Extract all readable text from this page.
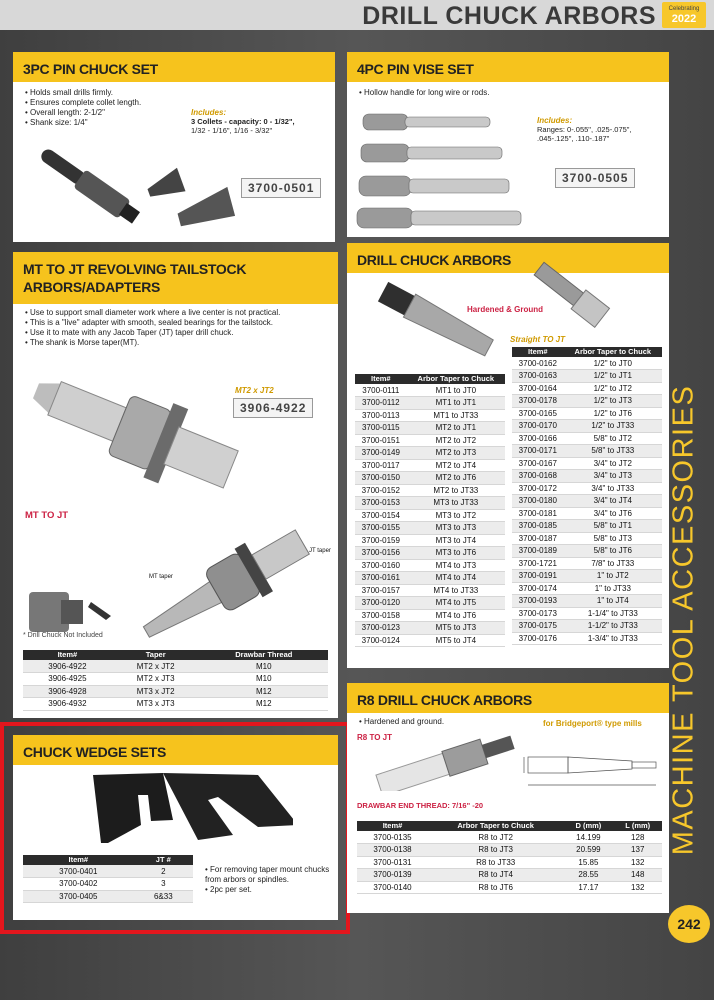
DRILL CHUCK ARBORS	Celebrating
2022
3PC PIN CHUCK SET
• Holds small drills firmly.
• Ensures complete collet length.
• Overall length: 2-1/2"
• Shank size: 1/4"
Includes:
3 Collets - capacity: 0 - 1/32",
1/32 - 1/16", 1/16 - 3/32"
3700-0501
4PC PIN VISE SET
• Hollow handle for long wire or rods.
Includes:
Ranges: 0-.055", .025-.075",
.045-.125", .110-.187"
3700-0505
MT TO JT REVOLVING TAILSTOCK
ARBORS/ADAPTERS
• Use to support small diameter work where a live center is not practical.
• This is a "live" adapter with smooth, sealed bearings for the tailstock.
• Use it to mate with any Jacob Taper (JT) taper drill chuck.
• The shank is Morse taper(MT).
MT2 x JT2
3906-4922
MT TO JT
JT taper
MT taper
* Drill Chuck Not Included
Item#	Taper	Drawbar Thread
3906-4922	MT2 x JT2	M10
3906-4925	MT2 x JT3	M10
3906-4928	MT3 x JT2	M12
3906-4932	MT3 x JT3	M12
DRILL CHUCK ARBORS
Hardened & Ground
Straight TO JT
Item#	Arbor Taper to Chuck
3700-0111	MT1 to JT0
3700-0112	MT1 to JT1
3700-0113	MT1 to JT33
3700-0115	MT2 to JT1
3700-0151	MT2 to JT2
3700-0149	MT2 to JT3
3700-0117	MT2 to JT4
3700-0150	MT2 to JT6
3700-0152	MT2 to JT33
3700-0153	MT3 to JT33
3700-0154	MT3 to JT2
3700-0155	MT3 to JT3
3700-0159	MT3 to JT4
3700-0156	MT3 to JT6
3700-0160	MT4 to JT3
3700-0161	MT4 to JT4
3700-0157	MT4 to JT33
3700-0120	MT4 to JT5
3700-0158	MT4 to JT6
3700-0123	MT5 to JT3
3700-0124	MT5 to JT4
Item#	Arbor Taper to Chuck
3700-0162	1/2" to JT0
3700-0163	1/2" to JT1
3700-0164	1/2" to JT2
3700-0178	1/2" to JT3
3700-0165	1/2" to JT6
3700-0170	1/2" to JT33
3700-0166	5/8" to JT2
3700-0171	5/8" to JT33
3700-0167	3/4" to JT2
3700-0168	3/4" to JT3
3700-0172	3/4" to JT33
3700-0180	3/4" to JT4
3700-0181	3/4" to JT6
3700-0185	5/8" to JT1
3700-0187	5/8" to JT3
3700-0189	5/8" to JT6
3700-1721	7/8" to JT33
3700-0191	1" to JT2
3700-0174	1" to JT33
3700-0193	1" to JT4
3700-0173	1-1/4" to JT33
3700-0175	1-1/2" to JT33
3700-0176	1-3/4" to JT33
CHUCK WEDGE SETS
Item#	JT #
3700-0401	2
3700-0402	3
3700-0405	6&33
• For removing taper mount chucks from arbors or spindles.
• 2pc per set.
R8 DRILL CHUCK ARBORS
• Hardened and ground.	for Bridgeport® type mills
R8 TO JT
DRAWBAR END THREAD: 7/16" -20
Item#	Arbor Taper to Chuck	D (mm)	L (mm)
3700-0135	R8 to JT2	14.199	128
3700-0138	R8 to JT3	20.599	137
3700-0131	R8 to JT33	15.85	132
3700-0139	R8 to JT4	28.55	148
3700-0140	R8 to JT6	17.17	132
MACHINE TOOL ACCESSORIES
242
